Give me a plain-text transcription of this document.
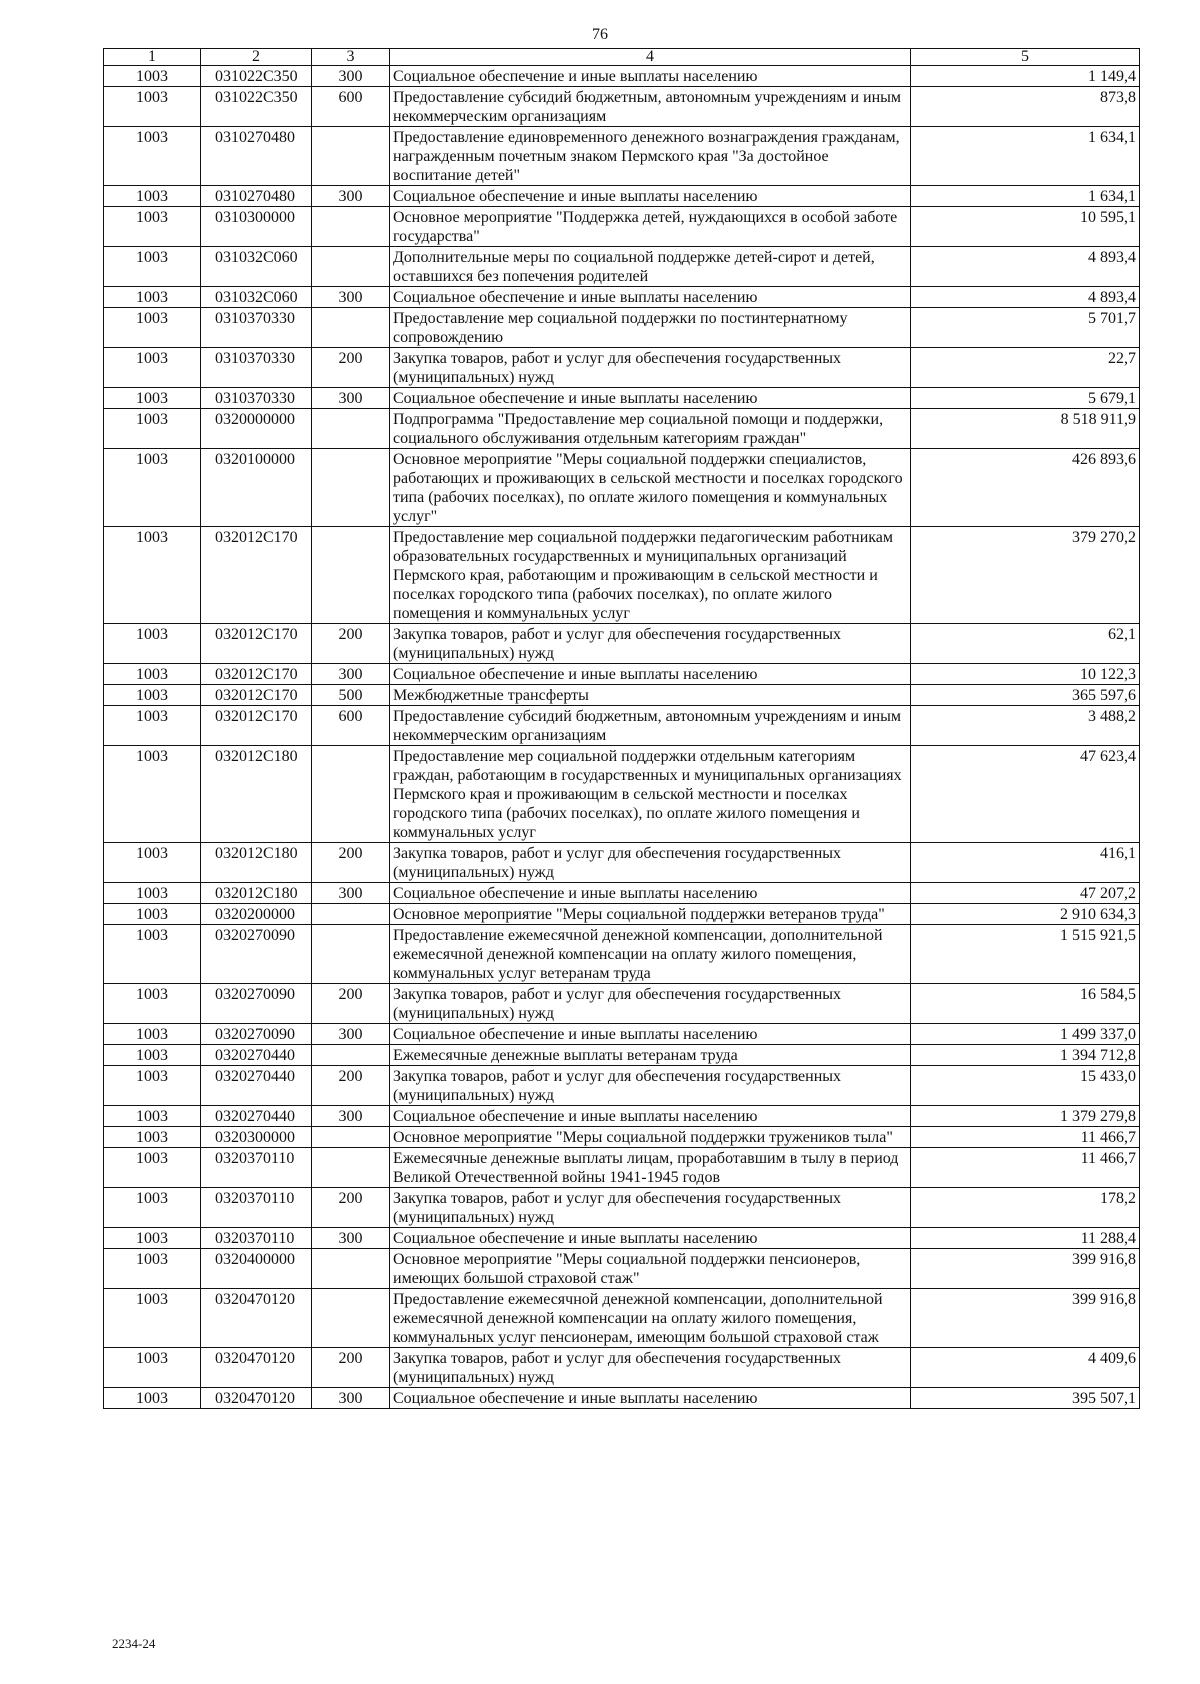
76
1	2	3	4	5
1003	031022C350	300	Социальное обеспечение и иные выплаты населению	1 149,4
1003	031022C350	600	Предоставление субсидий бюджетным, автономным учреждениям и иным некоммерческим организациям	873,8
1003	0310270480		Предоставление единовременного денежного вознаграждения гражданам, награжденным почетным знаком Пермского края "За достойное воспитание детей"	1 634,1
1003	0310270480	300	Социальное обеспечение и иные выплаты населению	1 634,1
1003	0310300000		Основное мероприятие "Поддержка детей, нуждающихся в особой заботе государства"	10 595,1
1003	031032C060		Дополнительные меры по социальной поддержке детей-сирот и детей, оставшихся без попечения родителей	4 893,4
1003	031032C060	300	Социальное обеспечение и иные выплаты населению	4 893,4
1003	0310370330		Предоставление мер социальной поддержки по постинтернатному сопровождению	5 701,7
1003	0310370330	200	Закупка товаров, работ и услуг для обеспечения государственных (муниципальных) нужд	22,7
1003	0310370330	300	Социальное обеспечение и иные выплаты населению	5 679,1
1003	0320000000		Подпрограмма "Предоставление мер социальной помощи и поддержки, социального обслуживания отдельным категориям граждан"	8 518 911,9
1003	0320100000		Основное мероприятие "Меры социальной поддержки специалистов, работающих и проживающих в сельской местности и поселках городского типа (рабочих поселках), по оплате жилого помещения и коммунальных услуг"	426 893,6
1003	032012C170		Предоставление мер социальной поддержки педагогическим работникам образовательных государственных и муниципальных организаций Пермского края, работающим и проживающим в сельской местности и поселках городского типа (рабочих поселках), по оплате жилого помещения и коммунальных услуг	379 270,2
1003	032012C170	200	Закупка товаров, работ и услуг для обеспечения государственных (муниципальных) нужд	62,1
1003	032012C170	300	Социальное обеспечение и иные выплаты населению	10 122,3
1003	032012C170	500	Межбюджетные трансферты	365 597,6
1003	032012C170	600	Предоставление субсидий бюджетным, автономным учреждениям и иным некоммерческим организациям	3 488,2
1003	032012C180		Предоставление мер социальной поддержки отдельным категориям граждан, работающим в государственных и муниципальных организациях Пермского края и проживающим в сельской местности и поселках городского типа (рабочих поселках), по оплате жилого помещения и коммунальных услуг	47 623,4
1003	032012C180	200	Закупка товаров, работ и услуг для обеспечения государственных (муниципальных) нужд	416,1
1003	032012C180	300	Социальное обеспечение и иные выплаты населению	47 207,2
1003	0320200000		Основное мероприятие "Меры социальной поддержки ветеранов труда"	2 910 634,3
1003	0320270090		Предоставление ежемесячной денежной компенсации, дополнительной ежемесячной денежной компенсации на оплату жилого помещения, коммунальных услуг ветеранам труда	1 515 921,5
1003	0320270090	200	Закупка товаров, работ и услуг для обеспечения государственных (муниципальных) нужд	16 584,5
1003	0320270090	300	Социальное обеспечение и иные выплаты населению	1 499 337,0
1003	0320270440		Ежемесячные денежные выплаты ветеранам труда	1 394 712,8
1003	0320270440	200	Закупка товаров, работ и услуг для обеспечения государственных (муниципальных) нужд	15 433,0
1003	0320270440	300	Социальное обеспечение и иные выплаты населению	1 379 279,8
1003	0320300000		Основное мероприятие "Меры социальной поддержки тружеников тыла"	11 466,7
1003	0320370110		Ежемесячные денежные выплаты лицам, проработавшим в тылу в период Великой Отечественной войны 1941-1945 годов	11 466,7
1003	0320370110	200	Закупка товаров, работ и услуг для обеспечения государственных (муниципальных) нужд	178,2
1003	0320370110	300	Социальное обеспечение и иные выплаты населению	11 288,4
1003	0320400000		Основное мероприятие "Меры социальной поддержки пенсионеров, имеющих большой страховой стаж"	399 916,8
1003	0320470120		Предоставление ежемесячной денежной компенсации, дополнительной ежемесячной денежной компенсации на оплату жилого помещения, коммунальных услуг пенсионерам, имеющим большой страховой стаж	399 916,8
1003	0320470120	200	Закупка товаров, работ и услуг для обеспечения государственных (муниципальных) нужд	4 409,6
1003	0320470120	300	Социальное обеспечение и иные выплаты населению	395 507,1
2234-24
